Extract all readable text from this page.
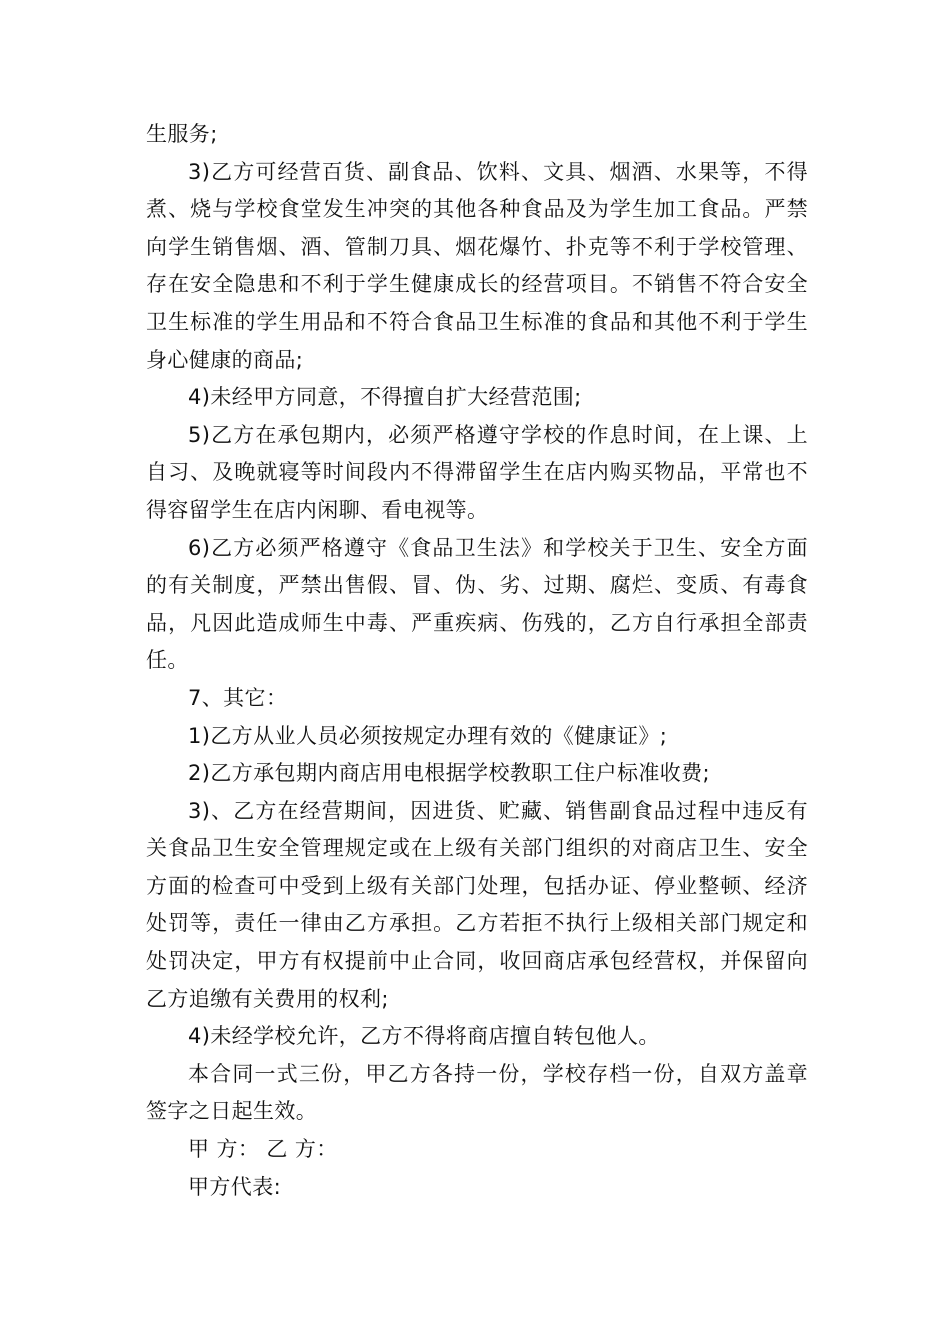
生服务;

3)乙方可经营百货、副食品、饮料、文具、烟酒、水果等，不得煮、烧与学校食堂发生冲突的其他各种食品及为学生加工食品。严禁向学生销售烟、酒、管制刀具、烟花爆竹、扑克等不利于学校管理、存在安全隐患和不利于学生健康成长的经营项目。不销售不符合安全卫生标准的学生用品和不符合食品卫生标准的食品和其他不利于学生身心健康的商品;

4)未经甲方同意，不得擅自扩大经营范围;

5)乙方在承包期内，必须严格遵守学校的作息时间，在上课、上自习、及晚就寝等时间段内不得滞留学生在店内购买物品，平常也不得容留学生在店内闲聊、看电视等。

6)乙方必须严格遵守《食品卫生法》和学校关于卫生、安全方面的有关制度，严禁出售假、冒、伪、劣、过期、腐烂、变质、有毒食品，凡因此造成师生中毒、严重疾病、伤残的，乙方自行承担全部责任。

7、其它：

1)乙方从业人员必须按规定办理有效的《健康证》;

2)乙方承包期内商店用电根据学校教职工住户标准收费;

3)、乙方在经营期间，因进货、贮藏、销售副食品过程中违反有关食品卫生安全管理规定或在上级有关部门组织的对商店卫生、安全方面的检查可中受到上级有关部门处理，包括办证、停业整顿、经济处罚等，责任一律由乙方承担。乙方若拒不执行上级相关部门规定和处罚决定，甲方有权提前中止合同，收回商店承包经营权，并保留向乙方追缴有关费用的权利;

4)未经学校允许，乙方不得将商店擅自转包他人。

本合同一式三份，甲乙方各持一份，学校存档一份，自双方盖章签字之日起生效。

甲 方： 乙 方：

甲方代表:
